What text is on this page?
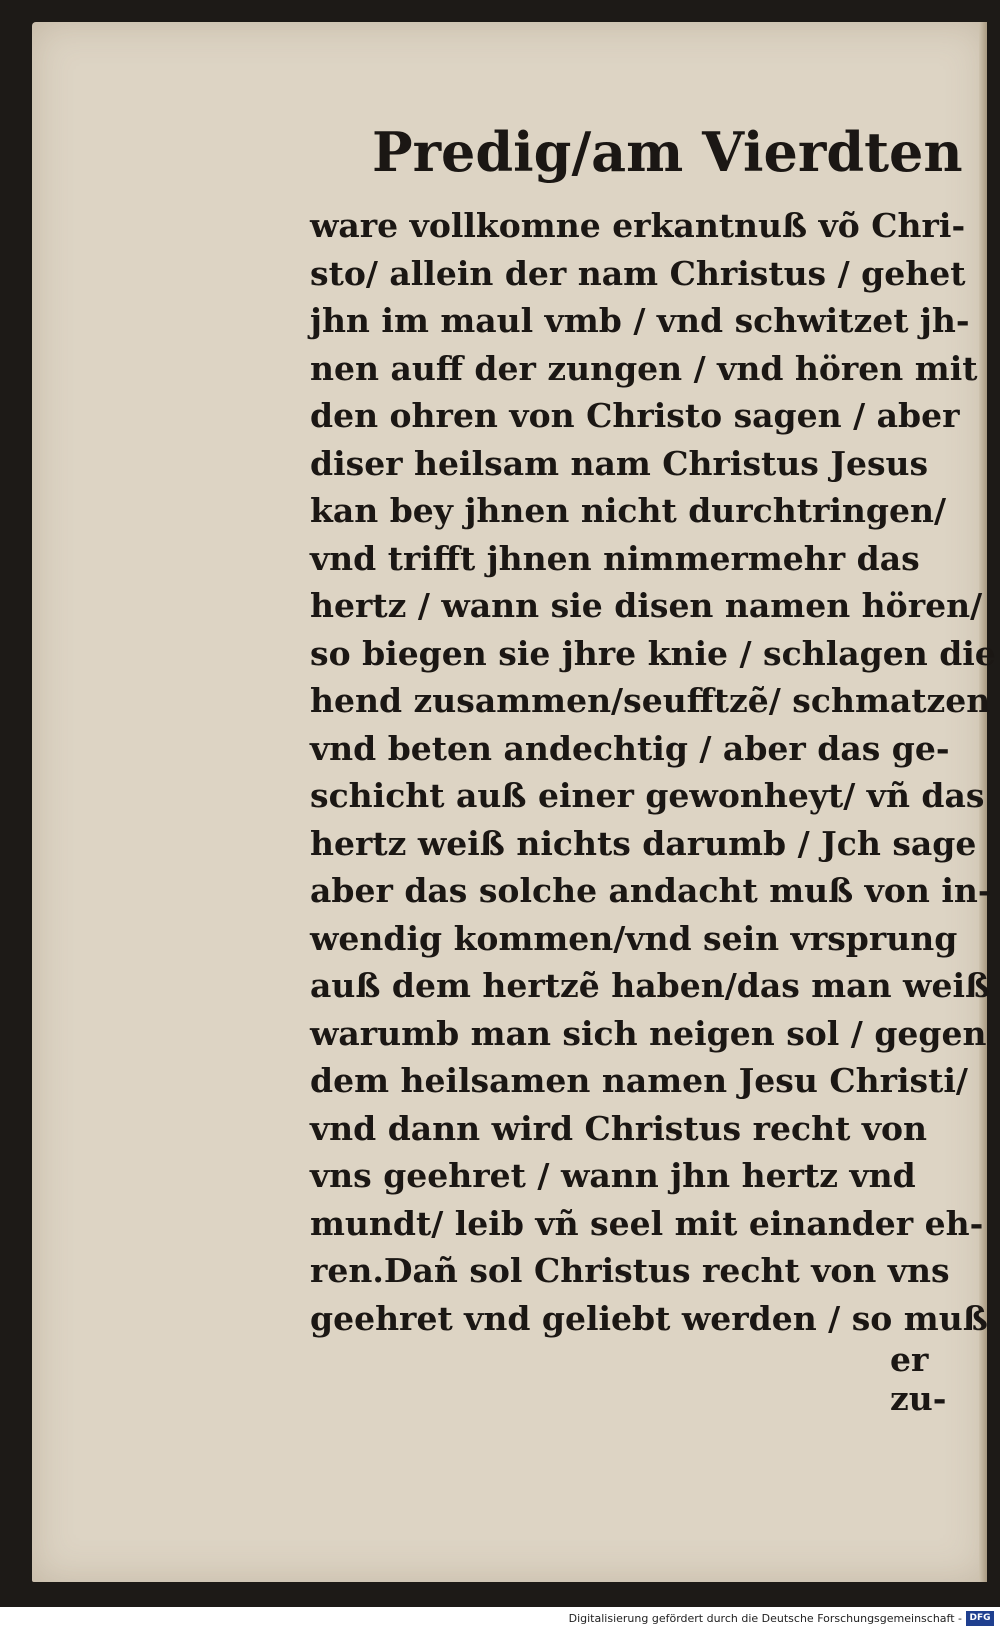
Predig/am Vierdten
ware vollkomne erkantnuß võ Chri-
sto/ allein der nam Christus / gehet
jhn im maul vmb / vnd schwitzet jh-
nen auff der zungen / vnd hören mit
den ohren von Christo sagen / aber
diser heilsam nam Christus Jesus
kan bey jhnen nicht durchtringen/
vnd trifft jhnen nimmermehr das
hertz / wann sie disen namen hören/
so biegen sie jhre knie / schlagen die
hend zusammen/seufftzẽ/ schmatzen
vnd beten andechtig / aber das ge-
schicht auß einer gewonheyt/ vñ das
hertz weiß nichts darumb / Jch sage
aber das solche andacht muß von in-
wendig kommen/vnd sein vrsprung
auß dem hertzẽ haben/das man weiß
warumb man sich neigen sol / gegen
dem heilsamen namen Jesu Christi/
vnd dann wird Christus recht von
vns geehret / wann jhn hertz vnd
mundt/ leib vñ seel mit einander eh-
ren.Dañ sol Christus recht von vns
geehret vnd geliebt werden / so muß
er zu-
Digitalisierung gefördert durch die Deutsche Forschungsgemeinschaft - DFG
